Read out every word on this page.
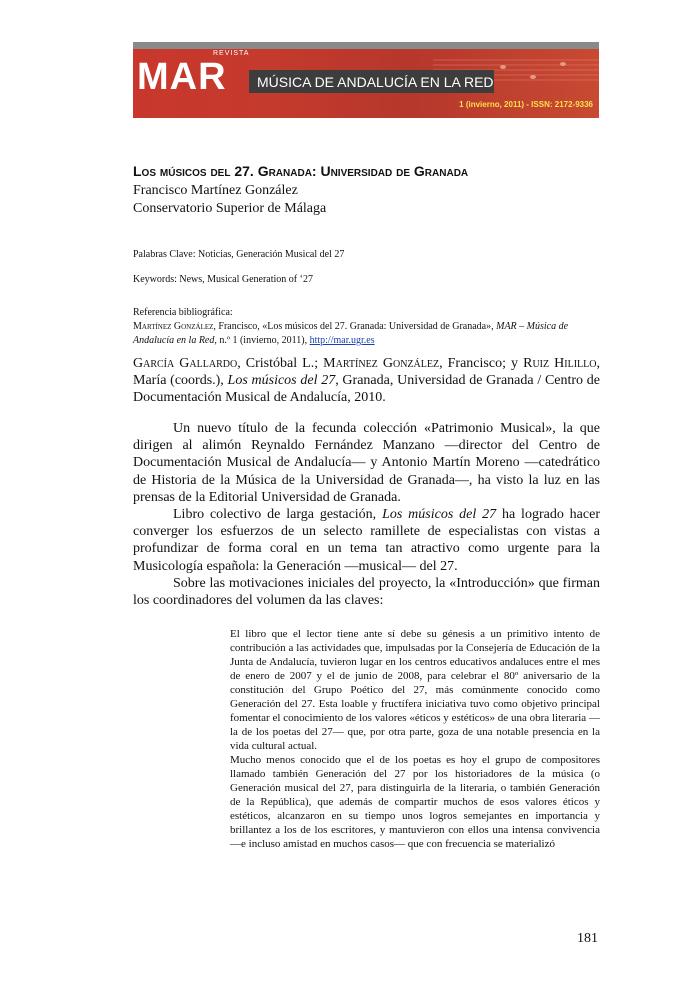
REVISTA
MAR MÚSICA DE ANDALUCÍA EN LA RED
1 (invierno, 2011) - ISSN: 2172-9336
Los músicos del 27. Granada: Universidad de Granada
Francisco Martínez González
Conservatorio Superior de Málaga
Palabras Clave: Noticias, Generación Musical del 27
Keywords: News, Musical Generation of ‘27
Referencia bibliográfica:
Martínez González, Francisco, «Los músicos del 27. Granada: Universidad de Granada», MAR – Música de Andalucía en la Red, n.º 1 (invierno, 2011), http://mar.ugr.es
García Gallardo, Cristóbal L.; Martínez González, Francisco; y Ruiz Hilillo, María (coords.), Los músicos del 27, Granada, Universidad de Granada / Centro de Documentación Musical de Andalucía, 2010.

Un nuevo título de la fecunda colección «Patrimonio Musical», la que dirigen al alimón Reynaldo Fernández Manzano —director del Centro de Documentación Musical de Andalucía— y Antonio Martín Moreno —catedrático de Historia de la Música de la Universidad de Granada—, ha visto la luz en las prensas de la Editorial Universidad de Granada.

Libro colectivo de larga gestación, Los músicos del 27 ha logrado hacer converger los esfuerzos de un selecto ramillete de especialistas con vistas a profundizar de forma coral en un tema tan atractivo como urgente para la Musicología española: la Generación —musical— del 27.

Sobre las motivaciones iniciales del proyecto, la «Introducción» que firman los coordinadores del volumen da las claves:

El libro que el lector tiene ante sí debe su génesis a un primitivo intento de contribución a las actividades que, impulsadas por la Consejería de Educación de la Junta de Andalucía, tuvieron lugar en los centros educativos andaluces entre el mes de enero de 2007 y el de junio de 2008, para celebrar el 80º aniversario de la constitución del Grupo Poético del 27, más comúnmente conocido como Generación del 27. Esta loable y fructífera iniciativa tuvo como objetivo principal fomentar el conocimiento de los valores «éticos y estéticos» de una obra literaria —la de los poetas del 27— que, por otra parte, goza de una notable presencia en la vida cultural actual.

Mucho menos conocido que el de los poetas es hoy el grupo de compositores llamado también Generación del 27 por los historiadores de la música (o Generación musical del 27, para distinguirla de la literaria, o también Generación de la República), que además de compartir muchos de esos valores éticos y estéticos, alcanzaron en su tiempo unos logros semejantes en importancia y brillantez a los de los escritores, y mantuvieron con ellos una intensa convivencia —e incluso amistad en muchos casos— que con frecuencia se materializó

181
